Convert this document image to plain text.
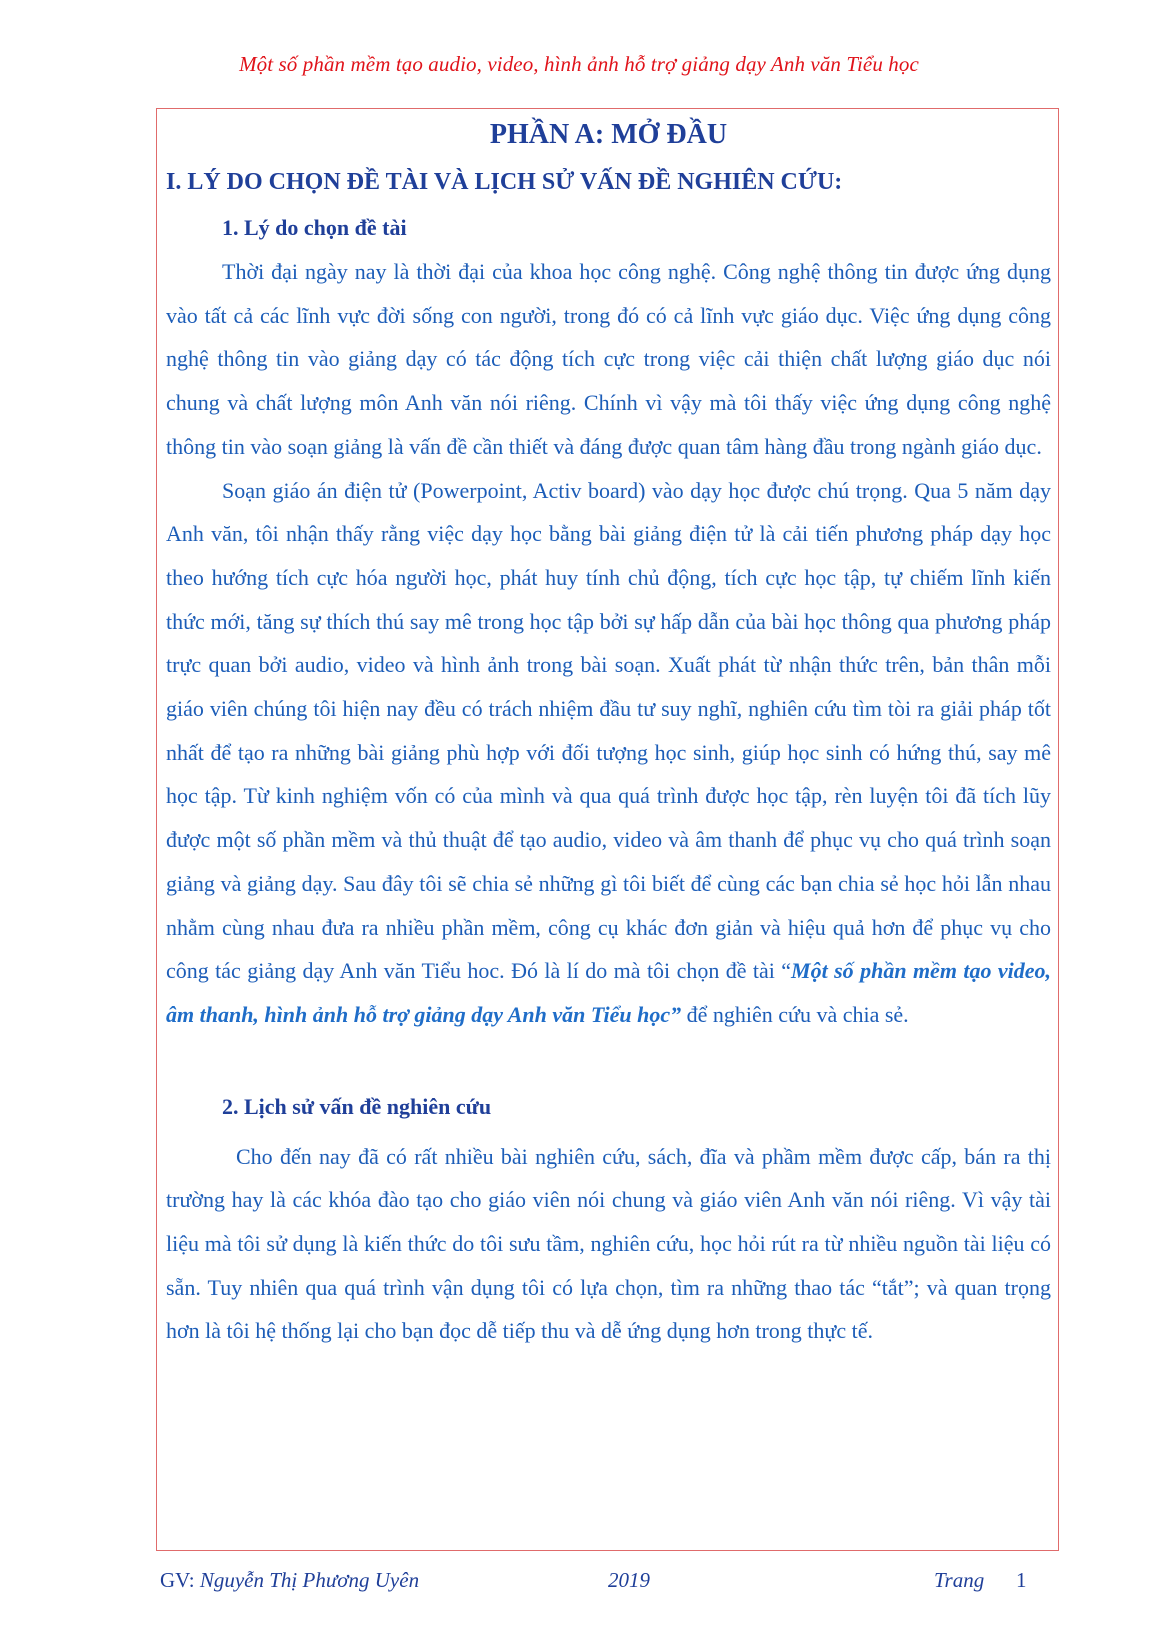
Một số phần mềm tạo audio, video, hình ảnh hỗ trợ giảng dạy Anh văn Tiểu học
PHẦN A: MỞ ĐẦU
I. LÝ DO CHỌN ĐỀ TÀI VÀ LỊCH SỬ VẤN ĐỀ NGHIÊN CỨU:
1. Lý do chọn đề tài

Thời đại ngày nay là thời đại của khoa học công nghệ. Công nghệ thông tin được ứng dụng vào tất cả các lĩnh vực đời sống con người, trong đó có cả lĩnh vực giáo dục. Việc ứng dụng công nghệ thông tin vào giảng dạy có tác động tích cực trong việc cải thiện chất lượng giáo dục nói chung và chất lượng môn Anh văn nói riêng. Chính vì vậy mà tôi thấy việc ứng dụng công nghệ thông tin vào soạn giảng là vấn đề cần thiết và đáng được quan tâm hàng đầu trong ngành giáo dục.

Soạn giáo án điện tử (Powerpoint, Activ board) vào dạy học được chú trọng. Qua 5 năm dạy Anh văn, tôi nhận thấy rằng việc dạy học bằng bài giảng điện tử là cải tiến phương pháp dạy học theo hướng tích cực hóa người học, phát huy tính chủ động, tích cực học tập, tự chiếm lĩnh kiến thức mới, tăng sự thích thú say mê trong học tập bởi sự hấp dẫn của bài học thông qua phương pháp trực quan bởi audio, video và hình ảnh trong bài soạn. Xuất phát từ nhận thức trên, bản thân mỗi giáo viên chúng tôi hiện nay đều có trách nhiệm đầu tư suy nghĩ, nghiên cứu tìm tòi ra giải pháp tốt nhất để tạo ra những bài giảng phù hợp với đối tượng học sinh, giúp học sinh có hứng thú, say mê học tập. Từ kinh nghiệm vốn có của mình và qua quá trình được học tập, rèn luyện tôi đã tích lũy được một số phần mềm và thủ thuật để tạo audio, video và âm thanh để phục vụ cho quá trình soạn giảng và giảng dạy. Sau đây tôi sẽ chia sẻ những gì tôi biết để cùng các bạn chia sẻ học hỏi lẫn nhau nhằm cùng nhau đưa ra nhiều phần mềm, công cụ khác đơn giản và hiệu quả hơn để phục vụ cho công tác giảng dạy Anh văn Tiểu hoc. Đó là lí do mà tôi chọn đề tài “Một số phần mềm tạo video, âm thanh, hình ảnh hỗ trợ giảng dạy Anh văn Tiểu học” để nghiên cứu và chia sẻ.

2. Lịch sử vấn đề nghiên cứu

Cho đến nay đã có rất nhiều bài nghiên cứu, sách, đĩa và phầm mềm được cấp, bán ra thị trường hay là các khóa đào tạo cho giáo viên nói chung và giáo viên Anh văn nói riêng. Vì vậy tài liệu mà tôi sử dụng là kiến thức do tôi sưu tầm, nghiên cứu, học hỏi rút ra từ nhiều nguồn tài liệu có sẵn. Tuy nhiên qua quá trình vận dụng tôi có lựa chọn, tìm ra những thao tác “tắt”; và quan trọng hơn là tôi hệ thống lại cho bạn đọc dễ tiếp thu và dễ ứng dụng hơn trong thực tế.

GV: Nguyễn Thị Phương Uyên	2019	Trang 1
